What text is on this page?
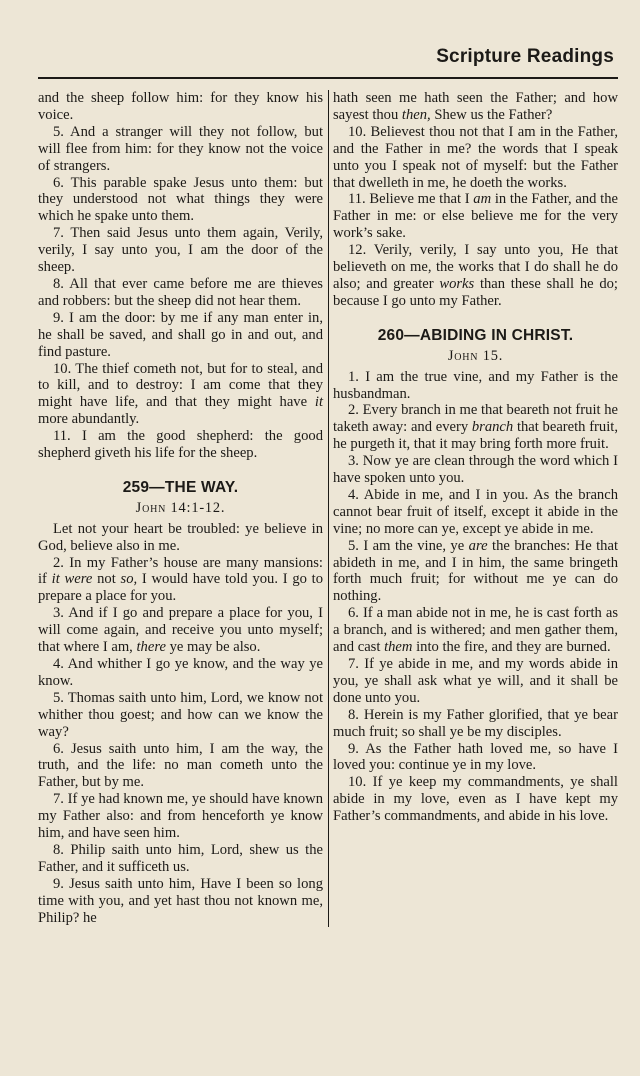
Scripture Readings

and the sheep follow him: for they know his voice.

5. And a stranger will they not follow, but will flee from him: for they know not the voice of strangers.

6. This parable spake Jesus unto them: but they understood not what things they were which he spake unto them.

7. Then said Jesus unto them again, Verily, verily, I say unto you, I am the door of the sheep.

8. All that ever came before me are thieves and robbers: but the sheep did not hear them.

9. I am the door: by me if any man enter in, he shall be saved, and shall go in and out, and find pasture.

10. The thief cometh not, but for to steal, and to kill, and to destroy: I am come that they might have life, and that they might have it more abundantly.

11. I am the good shepherd: the good shepherd giveth his life for the sheep.

259—THE WAY.
John 14:1-12.

Let not your heart be troubled: ye believe in God, believe also in me.

2. In my Father’s house are many mansions: if it were not so, I would have told you. I go to prepare a place for you.

3. And if I go and prepare a place for you, I will come again, and receive you unto myself; that where I am, there ye may be also.

4. And whither I go ye know, and the way ye know.

5. Thomas saith unto him, Lord, we know not whither thou goest; and how can we know the way?

6. Jesus saith unto him, I am the way, the truth, and the life: no man cometh unto the Father, but by me.

7. If ye had known me, ye should have known my Father also: and from henceforth ye know him, and have seen him.

8. Philip saith unto him, Lord, shew us the Father, and it sufficeth us.

9. Jesus saith unto him, Have I been so long time with you, and yet hast thou not known me, Philip? he

hath seen me hath seen the Father; and how sayest thou then, Shew us the Father?

10. Believest thou not that I am in the Father, and the Father in me? the words that I speak unto you I speak not of myself: but the Father that dwelleth in me, he doeth the works.

11. Believe me that I am in the Father, and the Father in me: or else believe me for the very work’s sake.

12. Verily, verily, I say unto you, He that believeth on me, the works that I do shall he do also; and greater works than these shall he do; because I go unto my Father.

260—ABIDING IN CHRIST.
John 15.

1. I am the true vine, and my Father is the husbandman.

2. Every branch in me that beareth not fruit he taketh away: and every branch that beareth fruit, he purgeth it, that it may bring forth more fruit.

3. Now ye are clean through the word which I have spoken unto you.

4. Abide in me, and I in you. As the branch cannot bear fruit of itself, except it abide in the vine; no more can ye, except ye abide in me.

5. I am the vine, ye are the branches: He that abideth in me, and I in him, the same bringeth forth much fruit; for without me ye can do nothing.

6. If a man abide not in me, he is cast forth as a branch, and is withered; and men gather them, and cast them into the fire, and they are burned.

7. If ye abide in me, and my words abide in you, ye shall ask what ye will, and it shall be done unto you.

8. Herein is my Father glorified, that ye bear much fruit; so shall ye be my disciples.

9. As the Father hath loved me, so have I loved you: continue ye in my love.

10. If ye keep my commandments, ye shall abide in my love, even as I have kept my Father’s commandments, and abide in his love.
